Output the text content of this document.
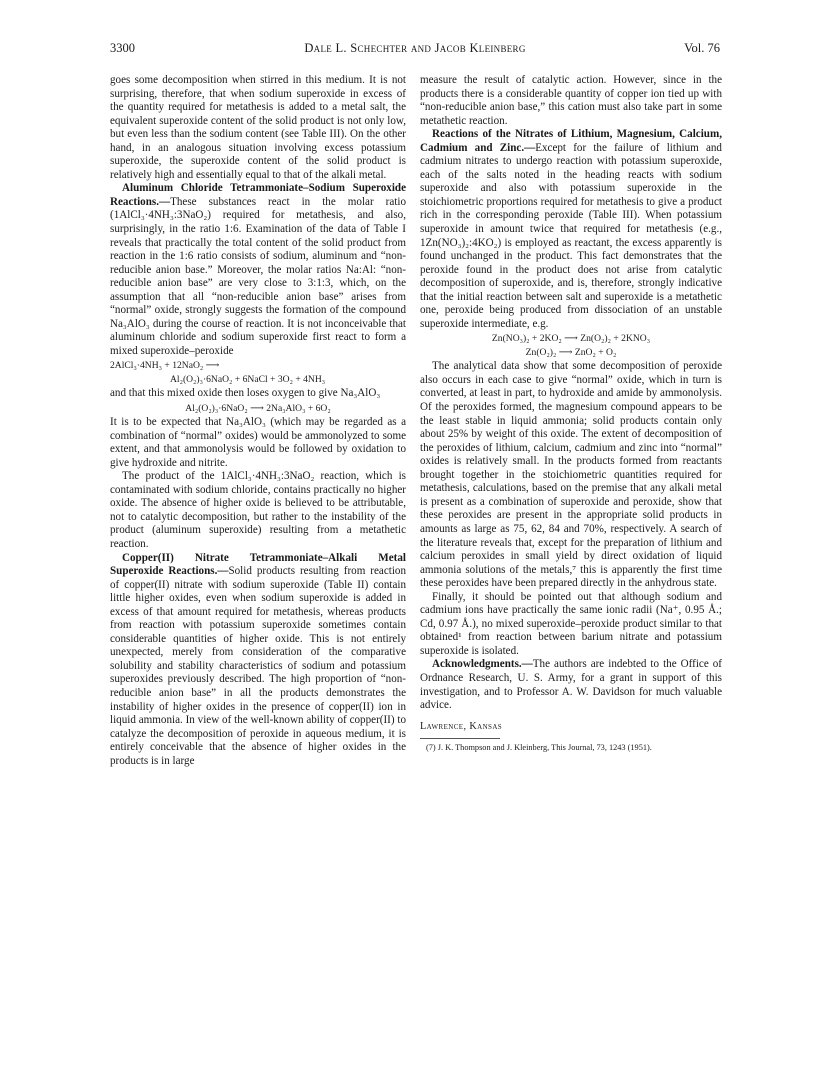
3300	Dale L. Schechter and Jacob Kleinberg	Vol. 76

goes some decomposition when stirred in this medium. It is not surprising, therefore, that when sodium superoxide in excess of the quantity required for metathesis is added to a metal salt, the equivalent superoxide content of the solid product is not only low, but even less than the sodium content (see Table III). On the other hand, in an analogous situation involving excess potassium superoxide, the superoxide content of the solid product is relatively high and essentially equal to that of the alkali metal.

Aluminum Chloride Tetrammoniate–Sodium Superoxide Reactions.—These substances react in the molar ratio (1AlCl₃·4NH₃:3NaO₂) required for metathesis, and also, surprisingly, in the ratio 1:6. Examination of the data of Table I reveals that practically the total content of the solid product from reaction in the 1:6 ratio consists of sodium, aluminum and “non-reducible anion base.” Moreover, the molar ratios Na:Al: “non-reducible anion base” are very close to 3:1:3, which, on the assumption that all “non-reducible anion base” arises from “normal” oxide, strongly suggests the formation of the compound Na₃AlO₃ during the course of reaction. It is not inconceivable that aluminum chloride and sodium superoxide first react to form a mixed superoxide–peroxide

2AlCl₃·4NH₃ + 12NaO₂ ⟶
Al₂(O₂)₃·6NaO₂ + 6NaCl + 3O₂ + 4NH₃

and that this mixed oxide then loses oxygen to give Na₃AlO₃

Al₂(O₂)₃·6NaO₂ ⟶ 2Na₃AlO₃ + 6O₂

It is to be expected that Na₃AlO₃ (which may be regarded as a combination of “normal” oxides) would be ammonolyzed to some extent, and that ammonolysis would be followed by oxidation to give hydroxide and nitrite.

The product of the 1AlCl₃·4NH₃:3NaO₂ reaction, which is contaminated with sodium chloride, contains practically no higher oxide. The absence of higher oxide is believed to be attributable, not to catalytic decomposition, but rather to the instability of the product (aluminum superoxide) resulting from a metathetic reaction.

Copper(II) Nitrate Tetrammoniate–Alkali Metal Superoxide Reactions.—Solid products resulting from reaction of copper(II) nitrate with sodium superoxide (Table II) contain little higher oxides, even when sodium superoxide is added in excess of that amount required for metathesis, whereas products from reaction with potassium superoxide sometimes contain considerable quantities of higher oxide. This is not entirely unexpected, merely from consideration of the comparative solubility and stability characteristics of sodium and potassium superoxides previously described. The high proportion of “non-reducible anion base” in all the products demonstrates the instability of higher oxides in the presence of copper(II) ion in liquid ammonia. In view of the well-known ability of copper(II) to catalyze the decomposition of peroxide in aqueous medium, it is entirely conceivable that the absence of higher oxides in the products is in large

measure the result of catalytic action. However, since in the products there is a considerable quantity of copper ion tied up with “non-reducible anion base,” this cation must also take part in some metathetic reaction.

Reactions of the Nitrates of Lithium, Magnesium, Calcium, Cadmium and Zinc.—Except for the failure of lithium and cadmium nitrates to undergo reaction with potassium superoxide, each of the salts noted in the heading reacts with sodium superoxide and also with potassium superoxide in the stoichiometric proportions required for metathesis to give a product rich in the corresponding peroxide (Table III). When potassium superoxide in amount twice that required for metathesis (e.g., 1Zn(NO₃)₂:4KO₂) is employed as reactant, the excess apparently is found unchanged in the product. This fact demonstrates that the peroxide found in the product does not arise from catalytic decomposition of superoxide, and is, therefore, strongly indicative that the initial reaction between salt and superoxide is a metathetic one, peroxide being produced from dissociation of an unstable superoxide intermediate, e.g.

Zn(NO₃)₂ + 2KO₂ ⟶ Zn(O₂)₂ + 2KNO₃
Zn(O₂)₂ ⟶ ZnO₂ + O₂

The analytical data show that some decomposition of peroxide also occurs in each case to give “normal” oxide, which in turn is converted, at least in part, to hydroxide and amide by ammonolysis. Of the peroxides formed, the magnesium compound appears to be the least stable in liquid ammonia; solid products contain only about 25% by weight of this oxide. The extent of decomposition of the peroxides of lithium, calcium, cadmium and zinc into “normal” oxides is relatively small. In the products formed from reactants brought together in the stoichiometric quantities required for metathesis, calculations, based on the premise that any alkali metal is present as a combination of superoxide and peroxide, show that these peroxides are present in the appropriate solid products in amounts as large as 75, 62, 84 and 70%, respectively. A search of the literature reveals that, except for the preparation of lithium and calcium peroxides in small yield by direct oxidation of liquid ammonia solutions of the metals,⁷ this is apparently the first time these peroxides have been prepared directly in the anhydrous state.

Finally, it should be pointed out that although sodium and cadmium ions have practically the same ionic radii (Na⁺, 0.95 Å.; Cd, 0.97 Å.), no mixed superoxide–peroxide product similar to that obtained¹ from reaction between barium nitrate and potassium superoxide is isolated.

Acknowledgments.—The authors are indebted to the Office of Ordnance Research, U. S. Army, for a grant in support of this investigation, and to Professor A. W. Davidson for much valuable advice.

Lawrence, Kansas

(7) J. K. Thompson and J. Kleinberg, This Journal, 73, 1243 (1951).
